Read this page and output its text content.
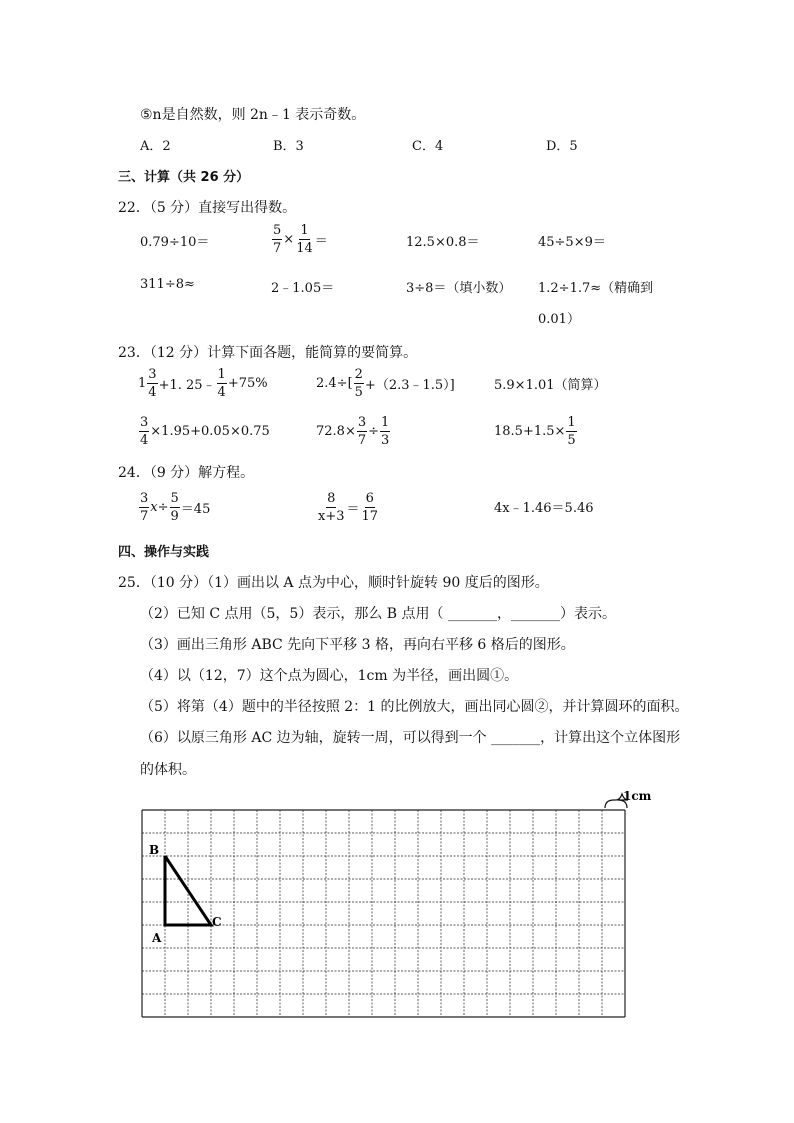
⑤n是自然数，则 2n﹣1 表示奇数。
A．2	B．3	C．4	D．5
三、计算（共 26 分）
22．（5 分）直接写出得数。
0.79÷10＝	$\frac{5}{7} \times \frac{1}{14}$ ＝	12.5×0.8＝	45÷5×9＝
311÷8≈	2﹣1.05＝	3÷8＝（填小数） 1.2÷1.7≈（精确到
0.01）
23．（12 分）计算下面各题，能简算的要简算。
$1 \frac{3}{4} +1$. 25﹣ $\frac{1}{4} +75\%$	$2.4\div[ \frac{2}{5}$ +（2.3﹣1.5）]	5.9×1.01（简算）
$\frac{3}{4} \times 1.95+0.05\times 0.75$	$72.8\times \frac{3}{7} \div \frac{1}{3}$	$18.5+1.5\times \frac{1}{5}$
24．（9 分）解方程。
$\frac{3}{7} x\div \frac{5}{9} =45$	$\frac{8}{x+3} = \frac{6}{17}$	4x﹣1.46＝5.46
四、操作与实践
25．（10 分）（1）画出以 A 点为中心，顺时针旋转 90 度后的图形。
（2）已知 C 点用（5，5）表示，那么 B 点用（ _______，_______）表示。
（3）画出三角形 ABC 先向下平移 3 格，再向右平移 6 格后的图形。
（4）以（12，7）这个点为圆心，1cm 为半径，画出圆①。
（5）将第（4）题中的半径按照 2：1 的比例放大，画出同心圆②，并计算圆环的面积。
（6）以原三角形 AC 边为轴，旋转一周，可以得到一个 _______，计算出这个立体图形
的体积。
1cm
B
A
C
